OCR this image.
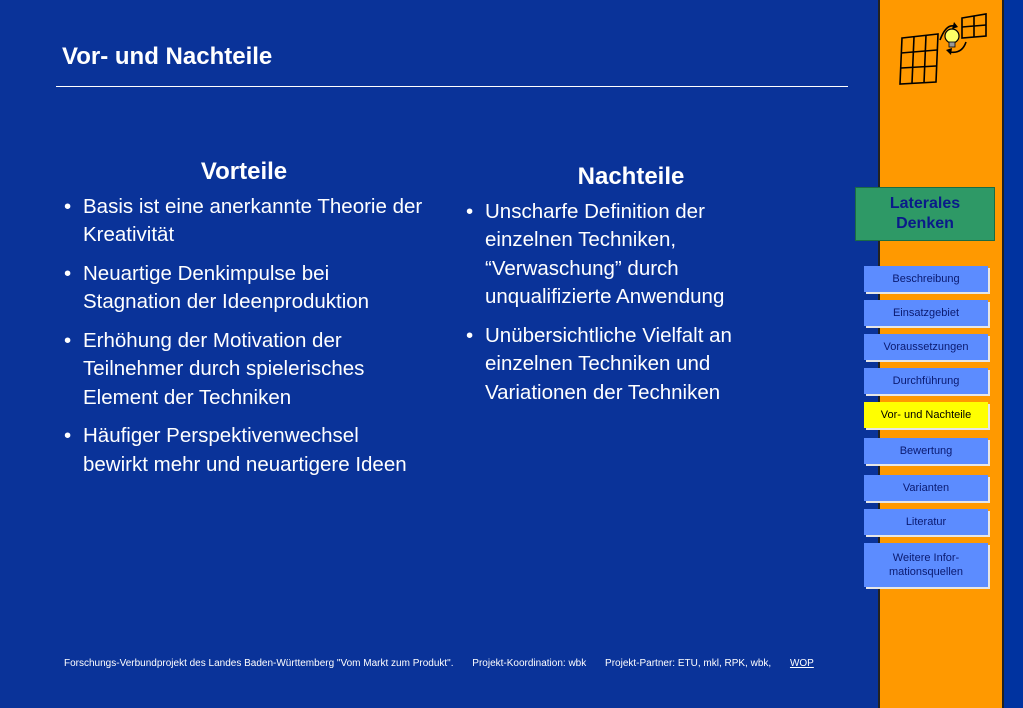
Vor- und Nachteile
Vorteile
• Basis ist eine anerkannte Theorie der Kreativität
• Neuartige Denkimpulse bei Stagnation der Ideenproduktion
• Erhöhung der Motivation der Teilnehmer durch spielerisches Element der Techniken
• Häufiger Perspektivenwechsel bewirkt mehr und neuartigere Ideen
Nachteile
• Unscharfe Definition der einzelnen Techniken, “Verwaschung” durch unqualifizierte Anwendung
• Unübersichtliche Vielfalt an einzelnen Techniken und Variationen der Techniken
Forschungs-Verbundprojekt des Landes Baden-Württemberg "Vom Markt zum Produkt". Projekt-Koordination: wbk Projekt-Partner: ETU, mkl, RPK, wbk, WOP
Laterales
Denken
Beschreibung
Einsatzgebiet
Voraussetzungen
Durchführung
Vor- und Nachteile
Bewertung
Varianten
Literatur
Weitere Infor-
mationsquellen
